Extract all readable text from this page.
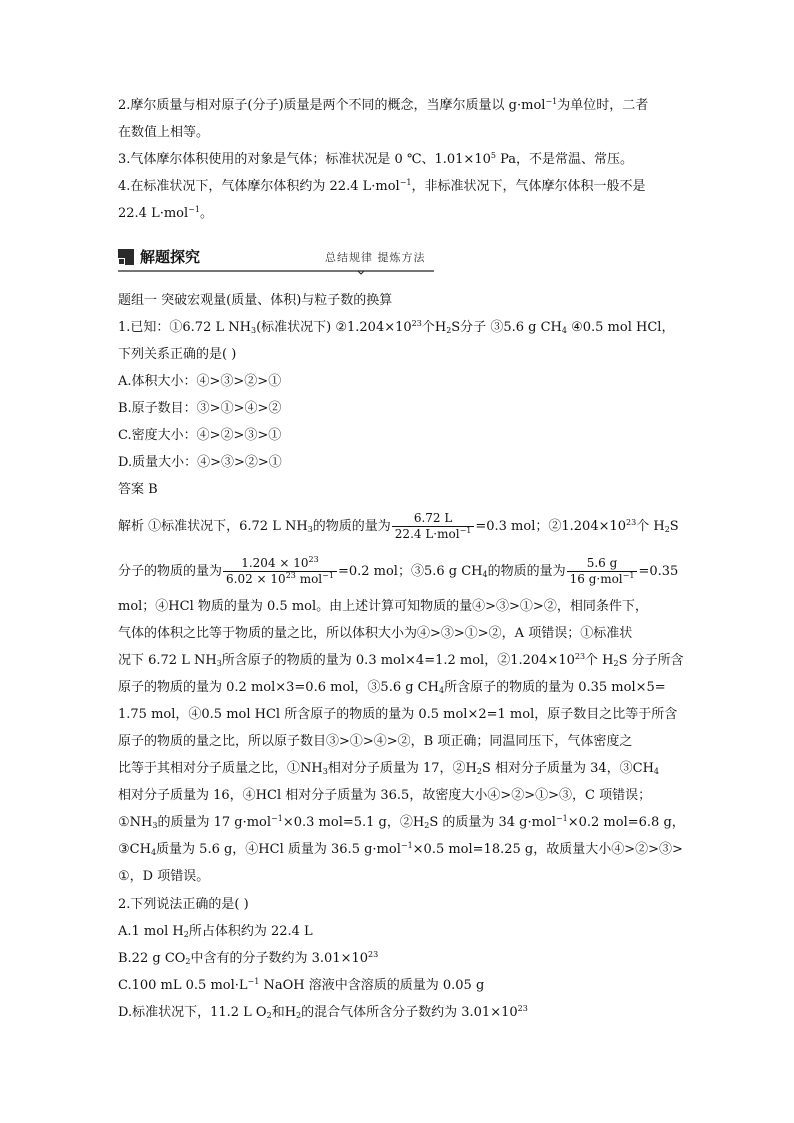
2.摩尔质量与相对原子(分子)质量是两个不同的概念，当摩尔质量以 g·mol$^{-1}$为单位时，二者
在数值上相等。
3.气体摩尔体积使用的对象是气体；标准状况是 0 ℃、$1.01\times 10^5$ Pa，不是常温、常压。
4.在标准状况下，气体摩尔体积约为 22.4 L·mol$^{-1}$，非标准状况下，气体摩尔体积一般不是
22.4 L·mol$^{-1}$。
解题探究	总结规律 提炼方法
题组一 突破宏观量(质量、体积)与粒子数的换算
1.已知：①6.72 L $NH_3$(标准状况下) $②1.204\times 10^{23}$个$H_2S$分子 ③5.6 g $CH_4$ ④0.5 mol HCl，
下列关系正确的是( )
A.体积大小：④>③>②>①
B.原子数目：③>①>④>②
C.密度大小：④>②>③>①
D.质量大小：④>③>②>①
答案 B
解析 ①标准状况下，6.72 L $NH_3$的物质的量为 $\frac{6.72 L}{22.4 L\cdot mol^{-1}} =0.3$ mol；$②1.204\times 10^{23}$个 $H_2S$
分子的物质的量为 $\frac{1.204 \times 10^{23}}{6.02 \times 10^{23} mol^{-1}} =0.2$ mol；③5.6 g $CH_4$的物质的量为 $\frac{5.6 g}{16 g\cdot mol^{-1}} =0.35$
mol；④HCl 物质的量为 0.5 mol。由上述计算可知物质的量④>③>①>②，相同条件下，
气体的体积之比等于物质的量之比，所以体积大小为④>③>①>②，A 项错误；①标准状
况下 6.72 L $NH_3$所含原子的物质的量为 0.3 mol×4=1.2 mol，$②1.204\times 10^{23}$个 $H_2S$ 分子所含
原子的物质的量为 0.2 mol×3=0.6 mol，③5.6 g $CH_4$所含原子的物质的量为 0.35 mol×5=
1.75 mol，④0.5 mol HCl 所含原子的物质的量为 0.5 mol×2=1 mol，原子数目之比等于所含
原子的物质的量之比，所以原子数目③>①>④>②，B 项正确；同温同压下，气体密度之
比等于其相对分子质量之比，$①NH_3$相对分子质量为 17，$②H_2S$ 相对分子质量为 34，$③CH_4$
相对分子质量为 16，④HCl 相对分子质量为 36.5，故密度大小④>②>①>③，C 项错误；
$①NH_3$的质量为 17 g·mol$^{-1}$×0.3 mol=5.1 g，$②H_2S$ 的质量为 34 g·mol$^{-1}$×0.2 mol=6.8 g，
$③CH_4$质量为 5.6 g，④HCl 质量为 36.5 g·mol$^{-1}$×0.5 mol=18.25 g，故质量大小④>②>③>
①，D 项错误。
2.下列说法正确的是( )
A.1 mol $H_2$所占体积约为 22.4 L
B.22 g $CO_2$中含有的分子数约为 $3.01\times 10^{23}$
C.100 mL 0.5 $mol\cdot L^{-1}$ NaOH 溶液中含溶质的质量为 0.05 g
D.标准状况下，11.2 L $O_2$和$H_2$的混合气体所含分子数约为 $3.01\times 10^{23}$
